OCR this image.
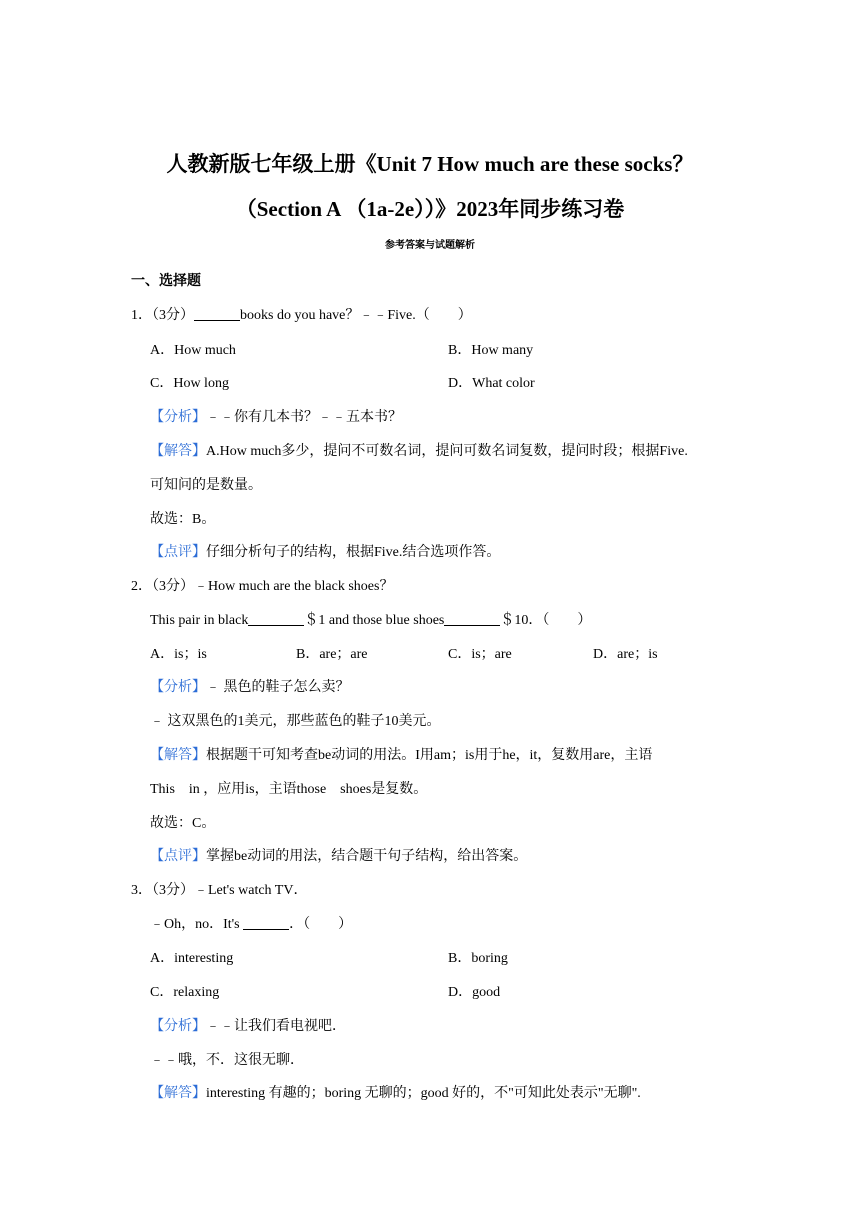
人教新版七年级上册《Unit 7 How much are these socks？
（Section A （1a-2e））》2023年同步练习卷
参考答案与试题解析
一、选择题
1．（3分）	books do you have？﹣﹣Five.（　　）
A．How much	B．How many
C．How long	D．What color
【分析】﹣﹣你有几本书？﹣﹣五本书？
【解答】A.How much多少，提问不可数名词，提问可数名词复数，提问时段；根据Five.
可知问的是数量。
故选：B。
【点评】仔细分析句子的结构，根据Five.结合选项作答。
2．（3分）﹣How much are the black shoes？
This pair in black	＄1 and those blue shoes	＄10．（　　）
A．is；is	B．are；are	C．is；are	D．are；is
【分析】﹣ 黑色的鞋子怎么卖？
﹣ 这双黑色的1美元，那些蓝色的鞋子10美元。
【解答】根据题干可知考查be动词的用法。I用am；is用于he，it，复数用are，主语
This　in ，应用is，主语those　shoes是复数。
故选：C。
【点评】掌握be动词的用法，结合题干句子结构，给出答案。
3．（3分）﹣Let's watch TV．
﹣Oh，no．It's	．（　　）
A．interesting	B．boring
C．relaxing	D．good
【分析】﹣﹣让我们看电视吧．
﹣﹣哦，不．这很无聊．
【解答】interesting 有趣的；boring 无聊的；good 好的，不"可知此处表示"无聊".
